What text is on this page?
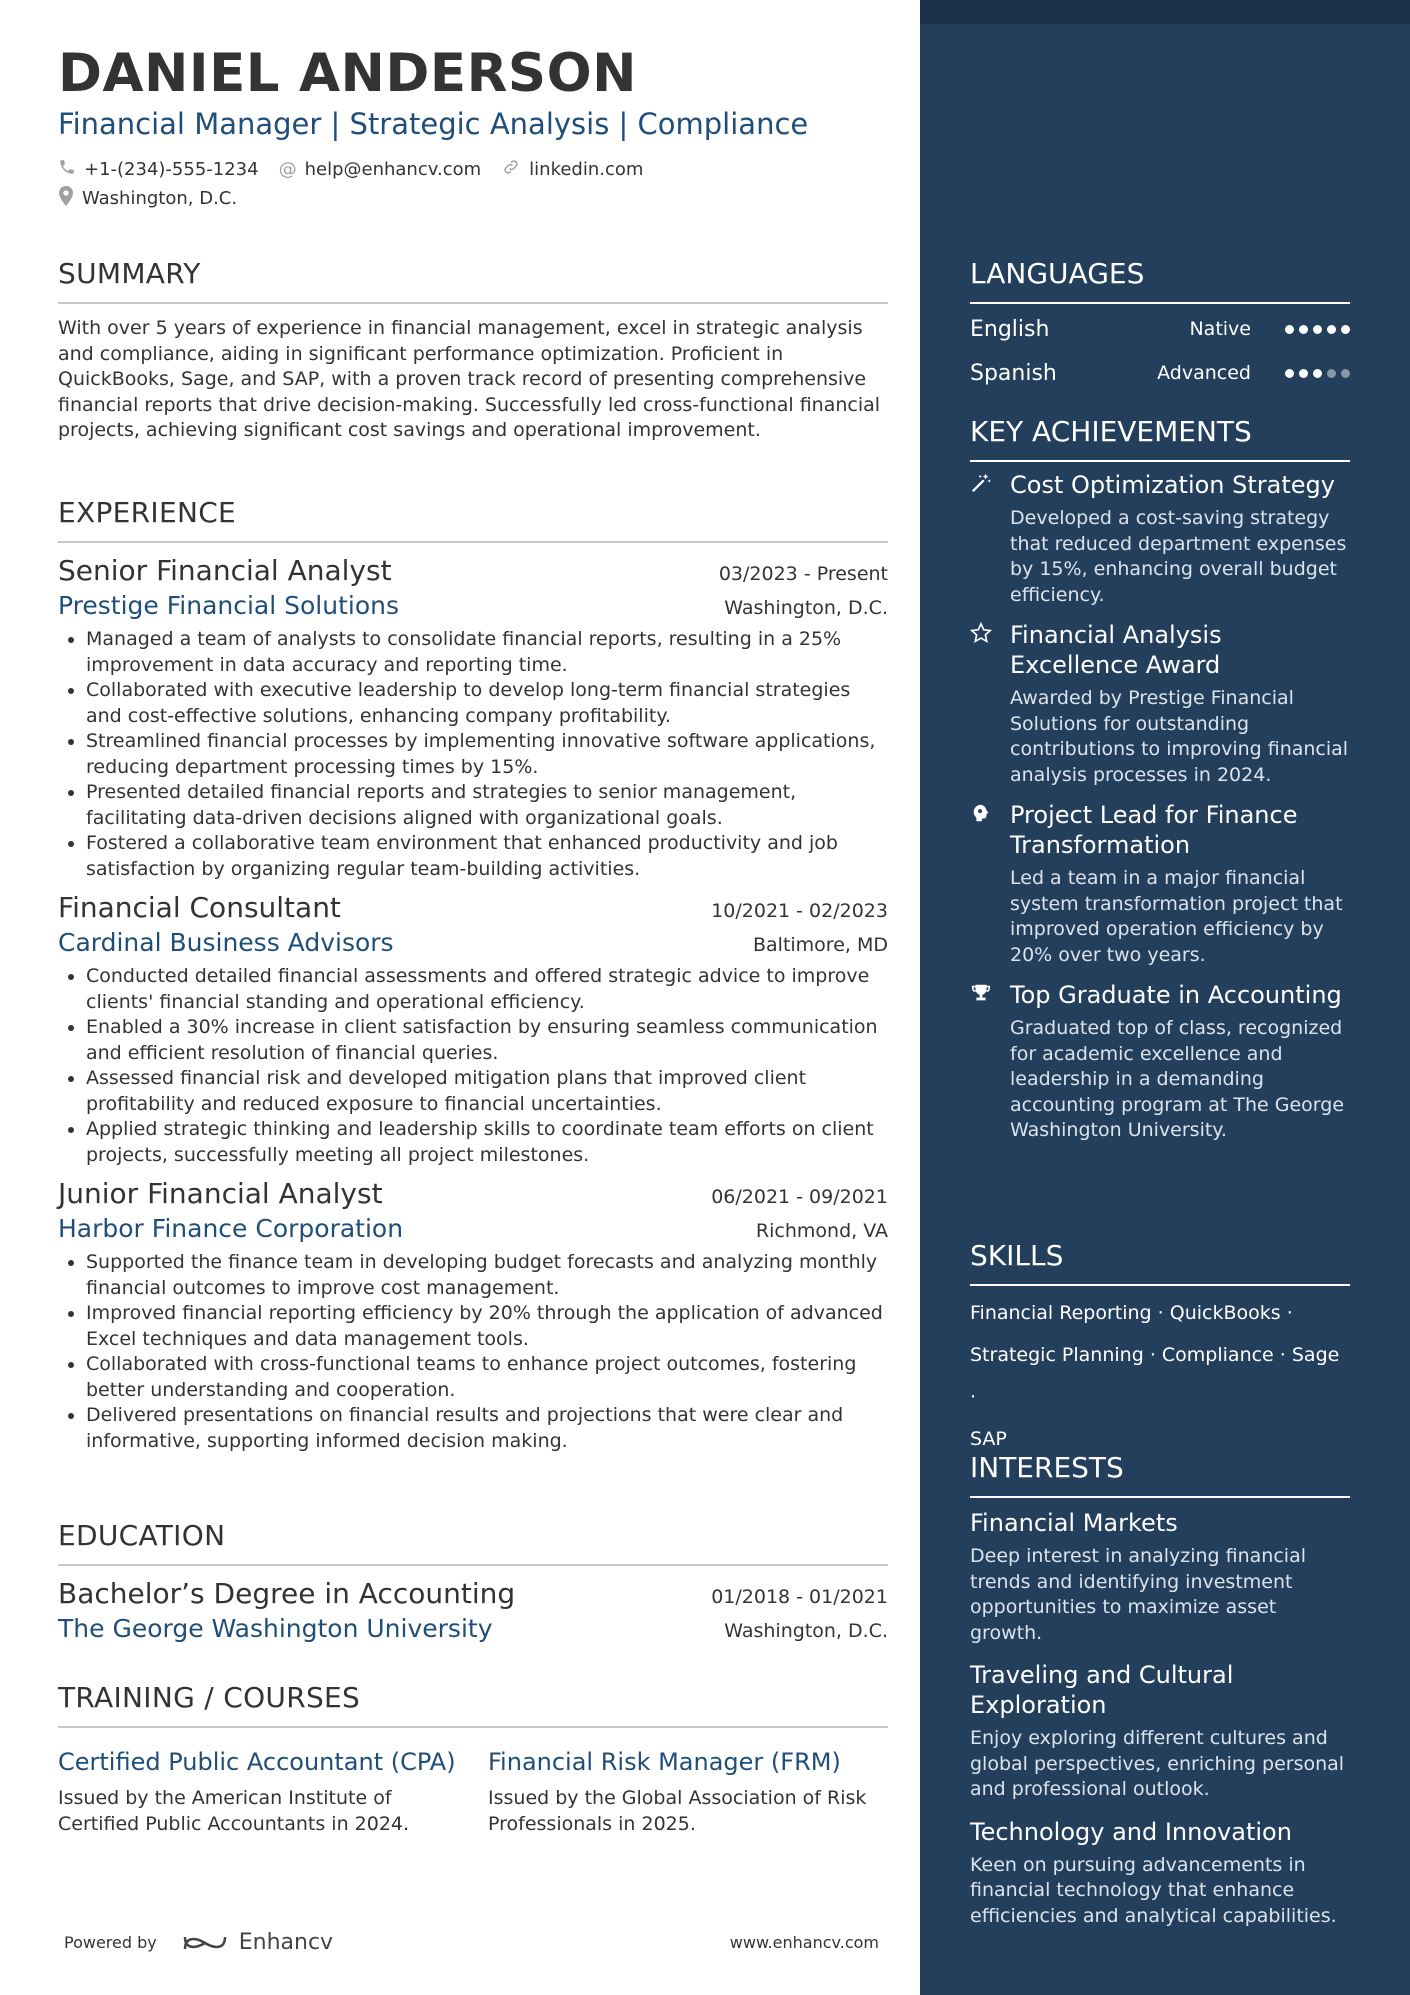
DANIEL ANDERSON
Financial Manager | Strategic Analysis | Compliance
+1-(234)-555-1234 @ help@enhancv.com	linkedin.com
Washington, D.C.
SUMMARY
With over 5 years of experience in financial management, excel in strategic analysis and compliance, aiding in significant performance optimization. Proficient in QuickBooks, Sage, and SAP, with a proven track record of presenting comprehensive financial reports that drive decision-making. Successfully led cross-functional financial projects, achieving significant cost savings and operational improvement.
EXPERIENCE
Senior Financial Analyst	03/2023 - Present
Prestige Financial Solutions	Washington, D.C.
• Managed a team of analysts to consolidate financial reports, resulting in a 25% improvement in data accuracy and reporting time.
• Collaborated with executive leadership to develop long-term financial strategies and cost-effective solutions, enhancing company profitability.
• Streamlined financial processes by implementing innovative software applications, reducing department processing times by 15%.
• Presented detailed financial reports and strategies to senior management, facilitating data-driven decisions aligned with organizational goals.
• Fostered a collaborative team environment that enhanced productivity and job satisfaction by organizing regular team-building activities.
Financial Consultant	10/2021 - 02/2023
Cardinal Business Advisors	Baltimore, MD
• Conducted detailed financial assessments and offered strategic advice to improve clients' financial standing and operational efficiency.
• Enabled a 30% increase in client satisfaction by ensuring seamless communication and efficient resolution of financial queries.
• Assessed financial risk and developed mitigation plans that improved client profitability and reduced exposure to financial uncertainties.
• Applied strategic thinking and leadership skills to coordinate team efforts on client projects, successfully meeting all project milestones.
Junior Financial Analyst	06/2021 - 09/2021
Harbor Finance Corporation	Richmond, VA
• Supported the finance team in developing budget forecasts and analyzing monthly financial outcomes to improve cost management.
• Improved financial reporting efficiency by 20% through the application of advanced Excel techniques and data management tools.
• Collaborated with cross-functional teams to enhance project outcomes, fostering better understanding and cooperation.
• Delivered presentations on financial results and projections that were clear and informative, supporting informed decision making.
EDUCATION
Bachelor’s Degree in Accounting	01/2018 - 01/2021
The George Washington University	Washington, D.C.
TRAINING / COURSES
Certified Public Accountant (CPA)
Issued by the American Institute of Certified Public Accountants in 2024.
Financial Risk Manager (FRM)
Issued by the Global Association of Risk Professionals in 2025.
Powered by	Enhancv	www.enhancv.com
LANGUAGES
English	Native
Spanish	Advanced
KEY ACHIEVEMENTS
Cost Optimization Strategy
Developed a cost-saving strategy that reduced department expenses by 15%, enhancing overall budget efficiency.
Financial Analysis Excellence Award
Awarded by Prestige Financial Solutions for outstanding contributions to improving financial analysis processes in 2024.
Project Lead for Finance Transformation
Led a team in a major financial system transformation project that improved operation efficiency by 20% over two years.
Top Graduate in Accounting
Graduated top of class, recognized for academic excellence and leadership in a demanding accounting program at The George Washington University.
SKILLS
Financial Reporting · QuickBooks ·
Strategic Planning · Compliance · Sage ·
SAP
INTERESTS
Financial Markets
Deep interest in analyzing financial trends and identifying investment opportunities to maximize asset growth.
Traveling and Cultural Exploration
Enjoy exploring different cultures and global perspectives, enriching personal and professional outlook.
Technology and Innovation
Keen on pursuing advancements in financial technology that enhance efficiencies and analytical capabilities.
